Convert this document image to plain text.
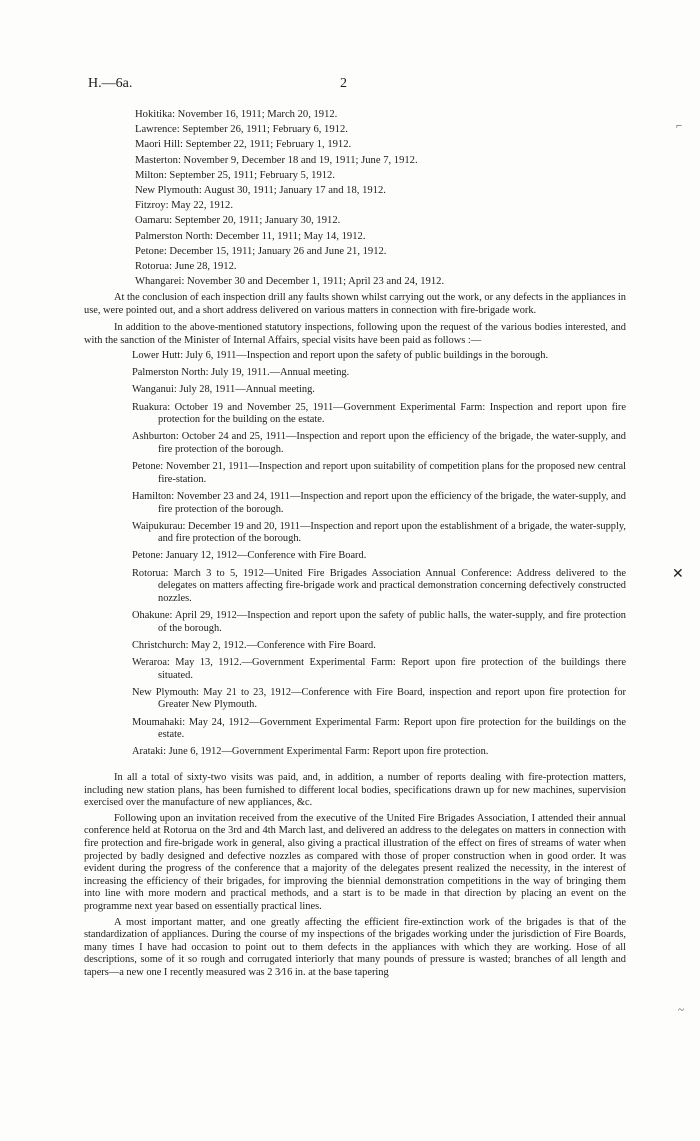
H.—6a.	2
Hokitika: November 16, 1911; March 20, 1912.
Lawrence: September 26, 1911; February 6, 1912.
Maori Hill: September 22, 1911; February 1, 1912.
Masterton: November 9, December 18 and 19, 1911; June 7, 1912.
Milton: September 25, 1911; February 5, 1912.
New Plymouth: August 30, 1911; January 17 and 18, 1912.
Fitzroy: May 22, 1912.
Oamaru: September 20, 1911; January 30, 1912.
Palmerston North: December 11, 1911; May 14, 1912.
Petone: December 15, 1911; January 26 and June 21, 1912.
Rotorua: June 28, 1912.
Whangarei: November 30 and December 1, 1911; April 23 and 24, 1912.

At the conclusion of each inspection drill any faults shown whilst carrying out the work, or any defects in the appliances in use, were pointed out, and a short address delivered on various matters in connection with fire-brigade work.

In addition to the above-mentioned statutory inspections, following upon the request of the various bodies interested, and with the sanction of the Minister of Internal Affairs, special visits have been paid as follows :—

Lower Hutt: July 6, 1911—Inspection and report upon the safety of public buildings in the borough.

Palmerston North: July 19, 1911.—Annual meeting.

Wanganui: July 28, 1911—Annual meeting.

Ruakura: October 19 and November 25, 1911—Government Experimental Farm: Inspection and report upon fire protection for the building on the estate.

Ashburton: October 24 and 25, 1911—Inspection and report upon the efficiency of the brigade, the water-supply, and fire protection of the borough.

Petone: November 21, 1911—Inspection and report upon suitability of competition plans for the proposed new central fire-station.

Hamilton: November 23 and 24, 1911—Inspection and report upon the efficiency of the brigade, the water-supply, and fire protection of the borough.

Waipukurau: December 19 and 20, 1911—Inspection and report upon the establishment of a brigade, the water-supply, and fire protection of the borough.

Petone: January 12, 1912—Conference with Fire Board.

Rotorua: March 3 to 5, 1912—United Fire Brigades Association Annual Conference: Address delivered to the delegates on matters affecting fire-brigade work and practical demonstration concerning defectively constructed nozzles.

Ohakune: April 29, 1912—Inspection and report upon the safety of public halls, the water-supply, and fire protection of the borough.

Christchurch: May 2, 1912.—Conference with Fire Board.

Weraroa: May 13, 1912.—Government Experimental Farm: Report upon fire protection of the buildings there situated.

New Plymouth: May 21 to 23, 1912—Conference with Fire Board, inspection and report upon fire protection for Greater New Plymouth.

Moumahaki: May 24, 1912—Government Experimental Farm: Report upon fire protection for the buildings on the estate.

Arataki: June 6, 1912—Government Experimental Farm: Report upon fire protection.

In all a total of sixty-two visits was paid, and, in addition, a number of reports dealing with fire-protection matters, including new station plans, has been furnished to different local bodies, specifications drawn up for new machines, supervision exercised over the manufacture of new appliances, &c.

Following upon an invitation received from the executive of the United Fire Brigades Association, I attended their annual conference held at Rotorua on the 3rd and 4th March last, and delivered an address to the delegates on matters in connection with fire protection and fire-brigade work in general, also giving a practical illustration of the effect on fires of streams of water when projected by badly designed and defective nozzles as compared with those of proper construction when in good order. It was evident during the progress of the conference that a majority of the delegates present realized the necessity, in the interest of increasing the efficiency of their brigades, for improving the biennial demonstration competitions in the way of bringing them into line with more modern and practical methods, and a start is to be made in that direction by placing an event on the programme next year based on essentially practical lines.

A most important matter, and one greatly affecting the efficient fire-extinction work of the brigades is that of the standardization of appliances. During the course of my inspections of the brigades working under the jurisdiction of Fire Boards, many times I have had occasion to point out to them defects in the appliances with which they are working. Hose of all descriptions, some of it so rough and corrugated interiorly that many pounds of pressure is wasted; branches of all length and tapers—a new one I recently measured was 2 3⁄16 in. at the base tapering

⌐
✕
~
